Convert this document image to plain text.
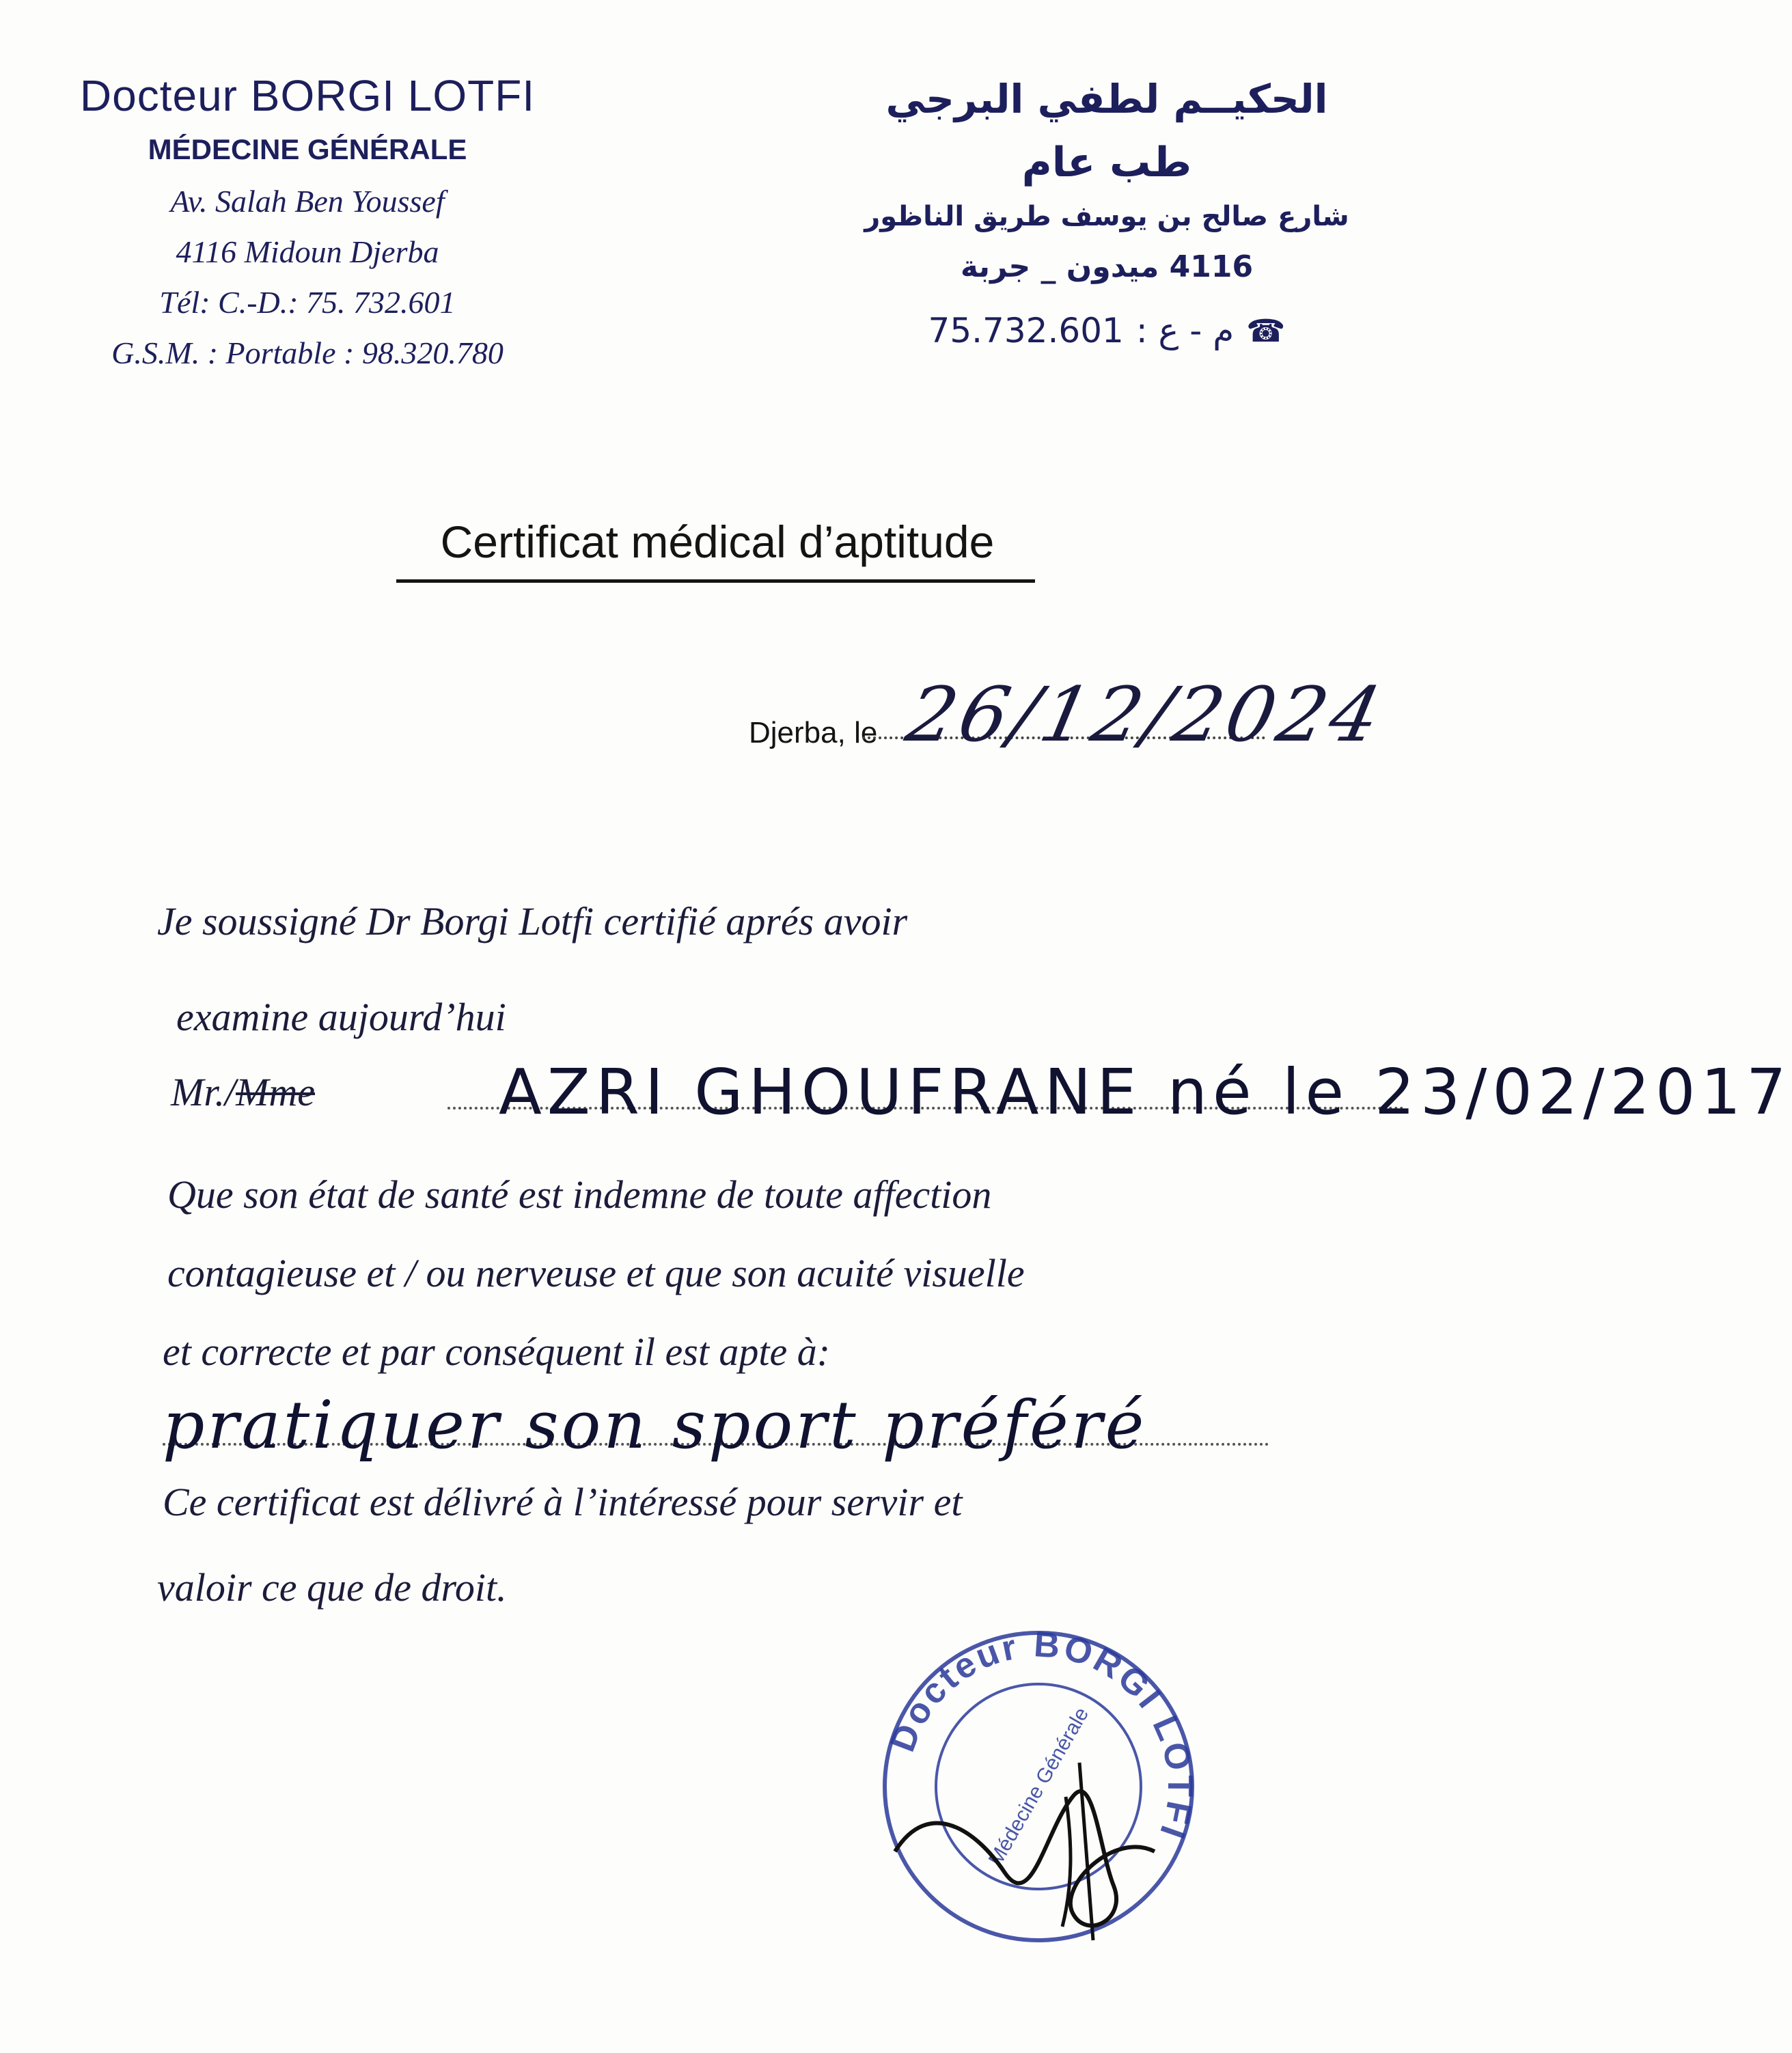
Docteur BORGI LOTFI
MÉDECINE GÉNÉRALE
Av. Salah Ben Youssef
4116 Midoun Djerba
Tél: C.-D.: 75. 732.601
G.S.M. : Portable : 98.320.780
الحكيــم لطفي البرجي
طب عام
شارع صالح بن يوسف طريق الناظور
4116 ميدون _ جربة
☎
م - ع :
75.732.601
Certificat médical d’aptitude
Djerba, le 26/12/2024
Je soussigné Dr Borgi Lotfi certifié aprés avoir
examine aujourd’hui
Mr./Mme	AZRI GHOUFRANE né le 23/02/2017
Que son état de santé est indemne de toute affection
contagieuse et / ou nerveuse et que son acuité visuelle
et correcte et par conséquent il est apte à:
pratiquer son sport préféré
Ce certificat est délivré à l’intéressé pour servir et
valoir ce que de droit.
Docteur BORGI LOTFI
Médecine Générale
